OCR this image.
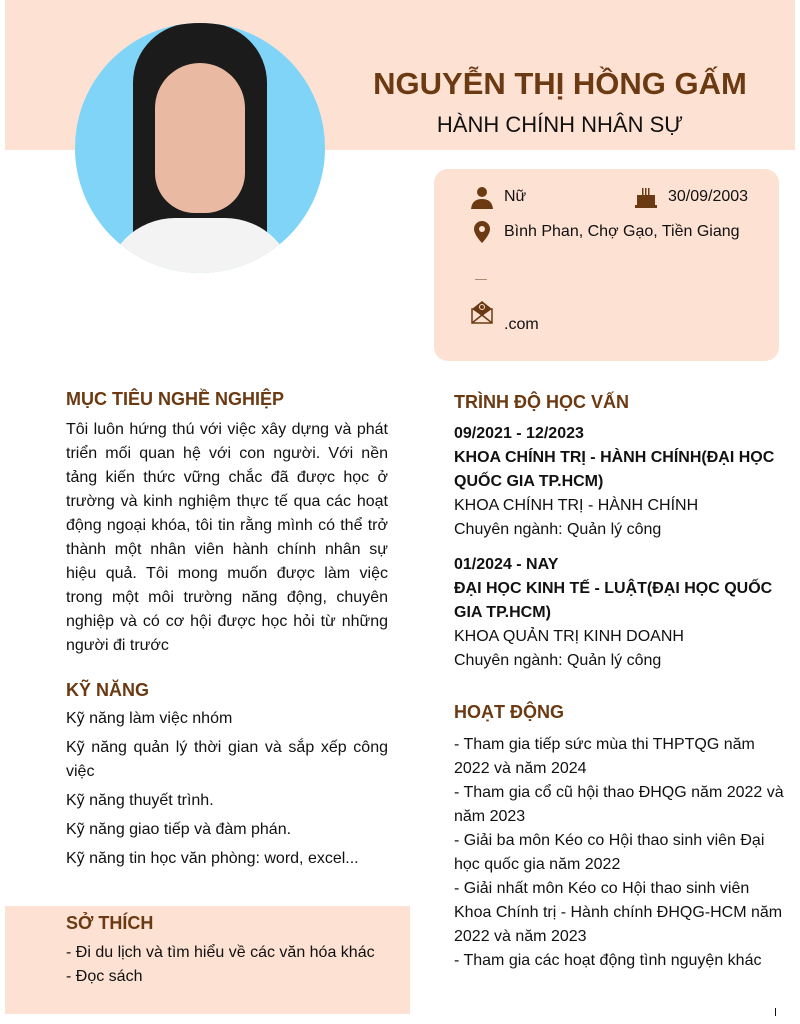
NGUYỄN THỊ HỒNG GẤM
HÀNH CHÍNH NHÂN SỰ
Nữ	30/09/2003
Bình Phan, Chợ Gạo, Tiền Giang
.com
MỤC TIÊU NGHỀ NGHIỆP
Tôi luôn hứng thú với việc xây dựng và phát triển mối quan hệ với con người. Với nền tảng kiến thức vững chắc đã được học ở trường và kinh nghiệm thực tế qua các hoạt động ngoại khóa, tôi tin rằng mình có thể trở thành một nhân viên hành chính nhân sự hiệu quả. Tôi mong muốn được làm việc trong một môi trường năng động, chuyên nghiệp và có cơ hội được học hỏi từ những người đi trước
KỸ NĂNG
Kỹ năng làm việc nhóm
Kỹ năng quản lý thời gian và sắp xếp công việc
Kỹ năng thuyết trình.
Kỹ năng giao tiếp và đàm phán.
Kỹ năng tin học văn phòng: word, excel...
SỞ THÍCH
- Đi du lịch và tìm hiểu về các văn hóa khác
- Đọc sách
TRÌNH ĐỘ HỌC VẤN
09/2021 - 12/2023
KHOA CHÍNH TRỊ - HÀNH CHÍNH(ĐẠI HỌC QUỐC GIA TP.HCM)
KHOA CHÍNH TRỊ - HÀNH CHÍNH
Chuyên ngành: Quản lý công
01/2024 - NAY
ĐẠI HỌC KINH TẾ - LUẬT(ĐẠI HỌC QUỐC GIA TP.HCM)
KHOA QUẢN TRỊ KINH DOANH
Chuyên ngành: Quản lý công
HOẠT ĐỘNG
- Tham gia tiếp sức mùa thi THPTQG năm 2022 và năm 2024
- Tham gia cổ cũ hội thao ĐHQG năm 2022 và năm 2023
- Giải ba môn Kéo co Hội thao sinh viên Đại học quốc gia năm 2022
- Giải nhất môn Kéo co Hội thao sinh viên Khoa Chính trị - Hành chính ĐHQG-HCM năm 2022 và năm 2023
- Tham gia các hoạt động tình nguyện khác
